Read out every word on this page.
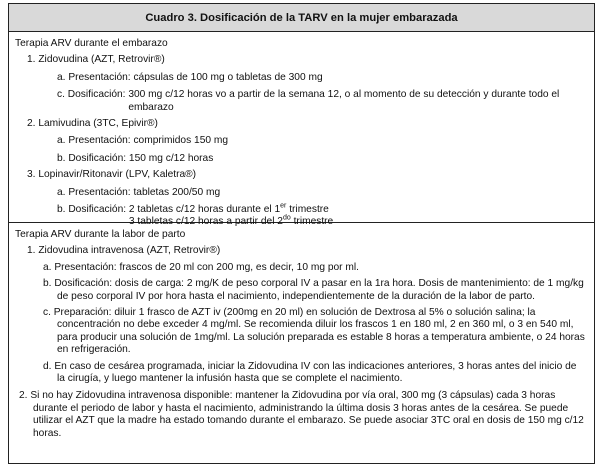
Cuadro 3. Dosificación de la TARV en la mujer embarazada
Terapia ARV durante el embarazo
1. Zidovudina (AZT, Retrovir®)
a. Presentación: cápsulas de 100 mg o tabletas de 300 mg
c. Dosificación: 300 mg c/12 horas vo a partir de la semana 12, o al momento de su detección y durante todo el embarazo
2. Lamivudina (3TC, Epivir®)
a. Presentación: comprimidos 150 mg
b. Dosificación: 150 mg c/12 horas
3. Lopinavir/Ritonavir (LPV, Kaletra®)
a. Presentación: tabletas 200/50 mg
b. Dosificación: 2 tabletas c/12 horas durante el 1er trimestre
3 tabletas c/12 horas a partir del $2^{do}$ trimestre
Terapia ARV durante la labor de parto
1. Zidovudina intravenosa (AZT, Retrovir®)
a. Presentación: frascos de 20 ml con 200 mg, es decir, 10 mg por ml.
b. Dosificación: dosis de carga: 2 mg/K de peso corporal IV a pasar en la 1ra hora. Dosis de mantenimiento: de 1 mg/kg de peso corporal IV por hora hasta el nacimiento, independientemente de la duración de la labor de parto.
c. Preparación: diluir 1 frasco de AZT iv (200mg en 20 ml) en solución de Dextrosa al 5% o solución salina; la concentración no debe exceder 4 mg/ml. Se recomienda diluir los frascos 1 en 180 ml, 2 en 360 ml, o 3 en 540 ml, para producir una solución de 1mg/ml. La solución preparada es estable 8 horas a temperatura ambiente, o 24 horas en refrigeración.
d. En caso de cesárea programada, iniciar la Zidovudina IV con las indicaciones anteriores, 3 horas antes del inicio de la cirugía, y luego mantener la infusión hasta que se complete el nacimiento.
2. Si no hay Zidovudina intravenosa disponible: mantener la Zidovudina por vía oral, 300 mg (3 cápsulas) cada 3 horas durante el periodo de labor y hasta el nacimiento, administrando la última dosis 3 horas antes de la cesárea. Se puede utilizar el AZT que la madre ha estado tomando durante el embarazo. Se puede asociar 3TC oral en dosis de 150 mg c/12 horas.
